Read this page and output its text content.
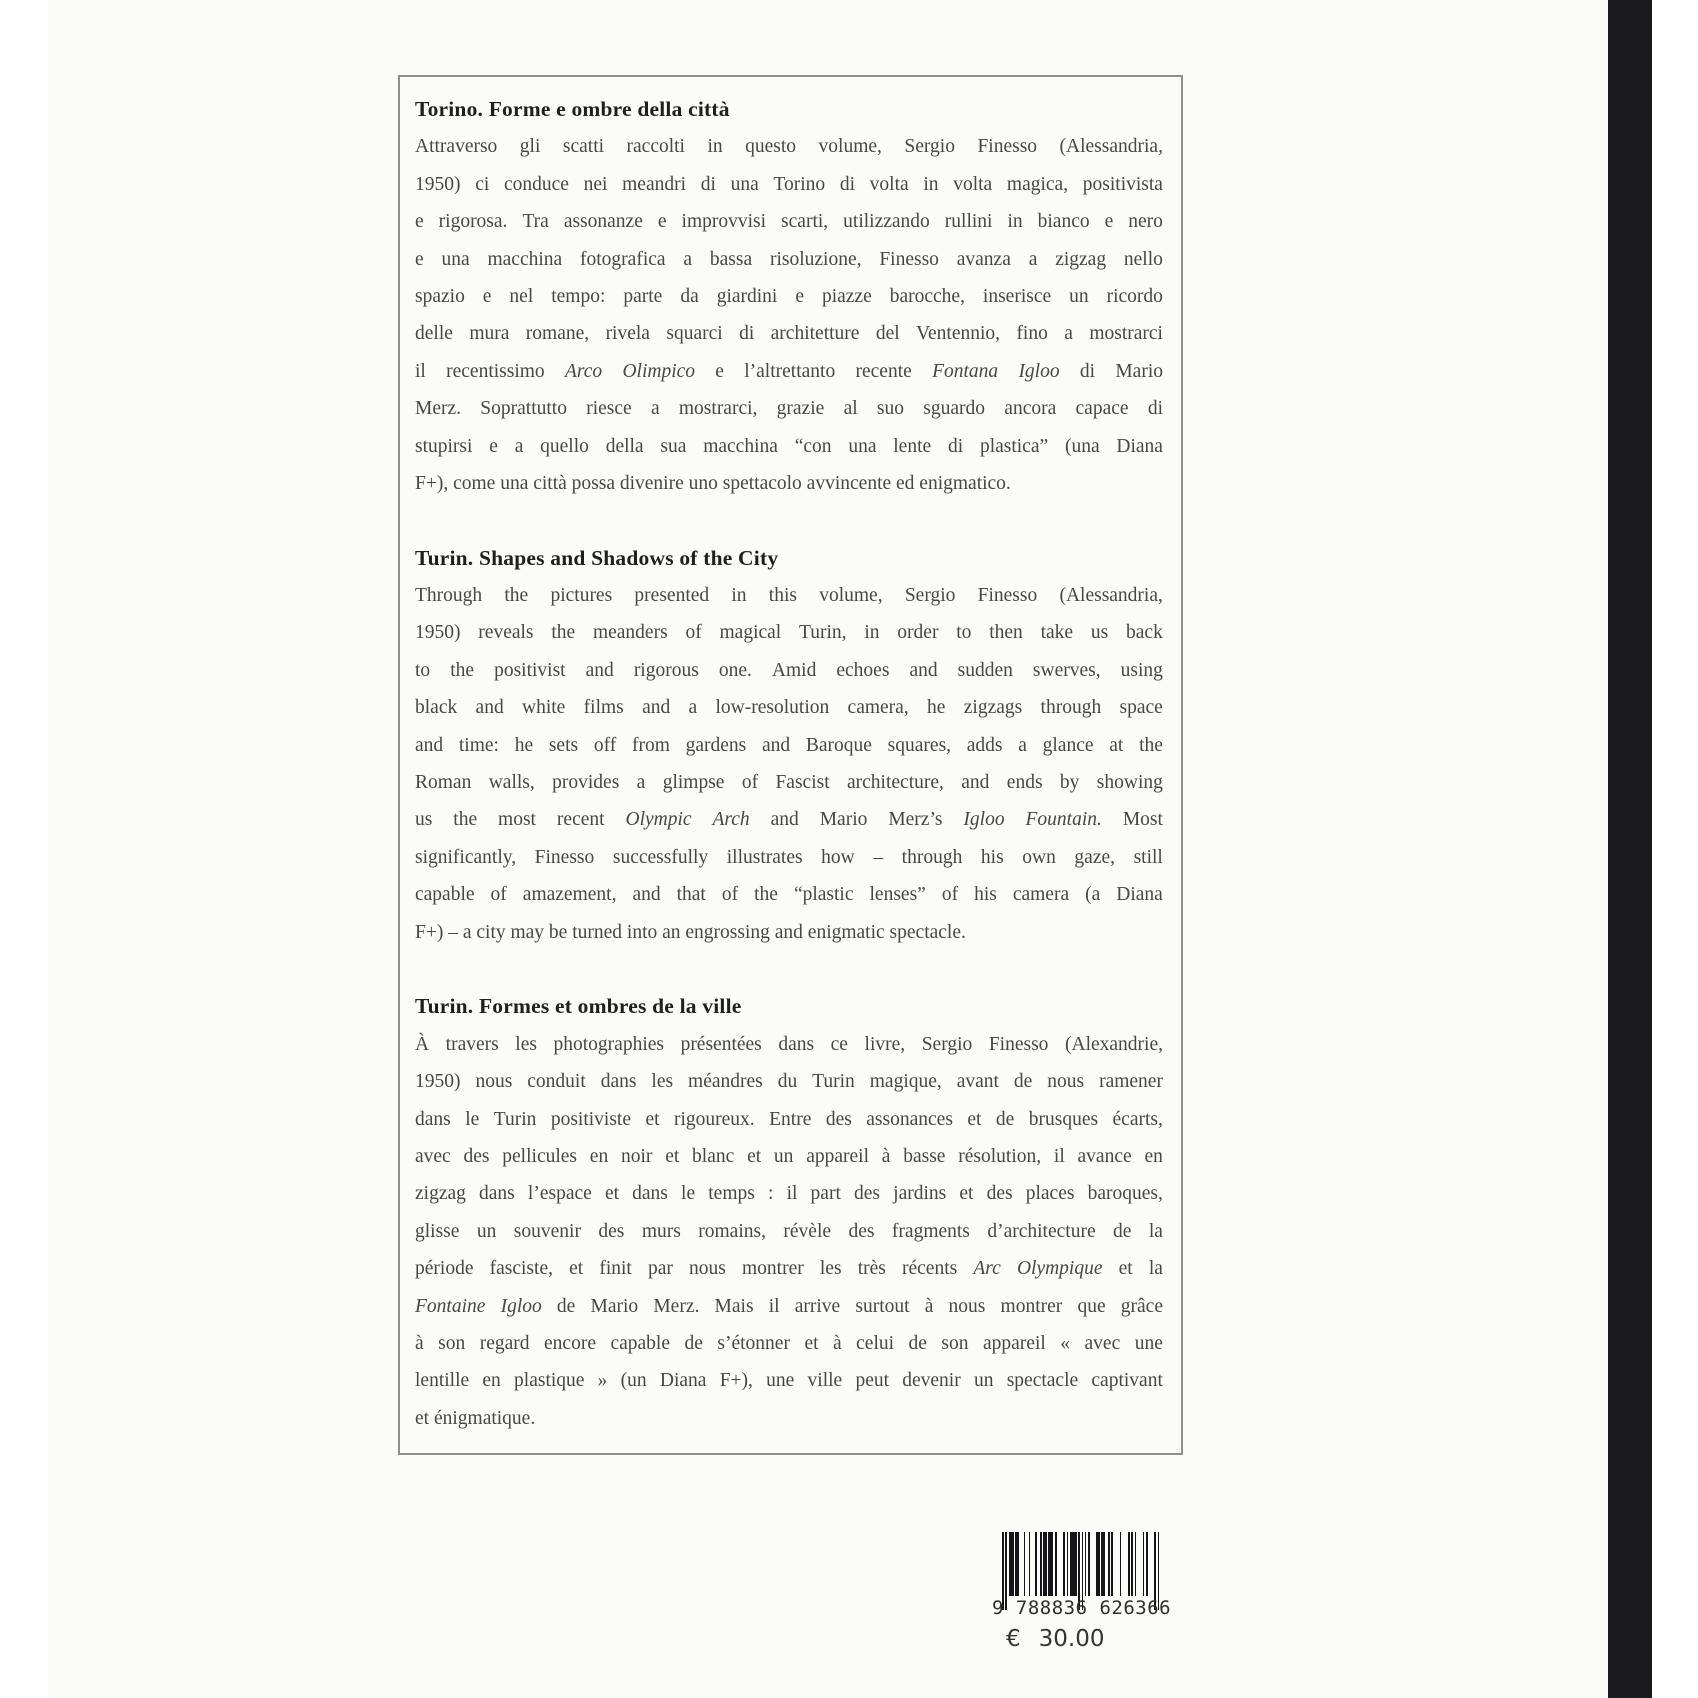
Torino. Forme e ombre della città
Attraverso gli scatti raccolti in questo volume, Sergio Finesso (Alessandria,
1950) ci conduce nei meandri di una Torino di volta in volta magica, positivista
e rigorosa. Tra assonanze e improvvisi scarti, utilizzando rullini in bianco e nero
e una macchina fotografica a bassa risoluzione, Finesso avanza a zigzag nello
spazio e nel tempo: parte da giardini e piazze barocche, inserisce un ricordo
delle mura romane, rivela squarci di architetture del Ventennio, fino a mostrarci
il recentissimo Arco Olimpico e l’altrettanto recente Fontana Igloo di Mario
Merz. Soprattutto riesce a mostrarci, grazie al suo sguardo ancora capace di
stupirsi e a quello della sua macchina “con una lente di plastica” (una Diana
F+), come una città possa divenire uno spettacolo avvincente ed enigmatico.
Turin. Shapes and Shadows of the City
Through the pictures presented in this volume, Sergio Finesso (Alessandria,
1950) reveals the meanders of magical Turin, in order to then take us back
to the positivist and rigorous one. Amid echoes and sudden swerves, using
black and white films and a low-resolution camera, he zigzags through space
and time: he sets off from gardens and Baroque squares, adds a glance at the
Roman walls, provides a glimpse of Fascist architecture, and ends by showing
us the most recent Olympic Arch and Mario Merz’s Igloo Fountain. Most
significantly, Finesso successfully illustrates how – through his own gaze, still
capable of amazement, and that of the “plastic lenses” of his camera (a Diana
F+) – a city may be turned into an engrossing and enigmatic spectacle.
Turin. Formes et ombres de la ville
À travers les photographies présentées dans ce livre, Sergio Finesso (Alexandrie,
1950) nous conduit dans les méandres du Turin magique, avant de nous ramener
dans le Turin positiviste et rigoureux. Entre des assonances et de brusques écarts,
avec des pellicules en noir et blanc et un appareil à basse résolution, il avance en
zigzag dans l’espace et dans le temps : il part des jardins et des places baroques,
glisse un souvenir des murs romains, révèle des fragments d’architecture de la
période fasciste, et finit par nous montrer les très récents Arc Olympique et la
Fontaine Igloo de Mario Merz. Mais il arrive surtout à nous montrer que grâce
à son regard encore capable de s’étonner et à celui de son appareil « avec une
lentille en plastique » (un Diana F+), une ville peut devenir un spectacle captivant
et énigmatique.
9 788836 626366
€ 30.00
